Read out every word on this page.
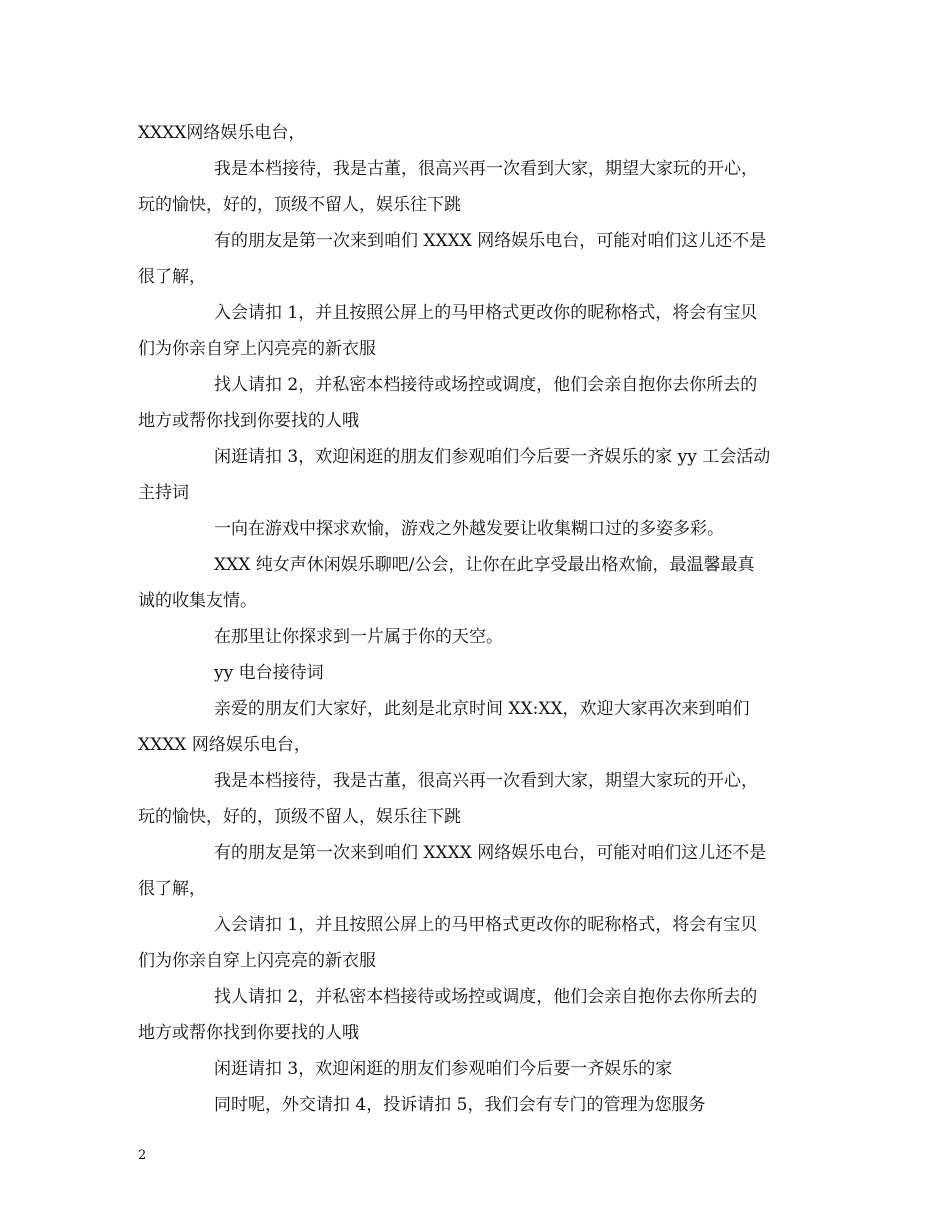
XXXX网络娱乐电台，
我是本档接待，我是古董，很高兴再一次看到大家，期望大家玩的开心，
玩的愉快，好的，顶级不留人，娱乐往下跳
有的朋友是第一次来到咱们 XXXX 网络娱乐电台，可能对咱们这儿还不是
很了解，
入会请扣 1，并且按照公屏上的马甲格式更改你的昵称格式，将会有宝贝
们为你亲自穿上闪亮亮的新衣服
找人请扣 2，并私密本档接待或场控或调度，他们会亲自抱你去你所去的
地方或帮你找到你要找的人哦
闲逛请扣 3，欢迎闲逛的朋友们参观咱们今后要一齐娱乐的家 yy 工会活动
主持词
一向在游戏中探求欢愉，游戏之外越发要让收集糊口过的多姿多彩。
XXX 纯女声休闲娱乐聊吧/公会，让你在此享受最出格欢愉，最温馨最真
诚的收集友情。
在那里让你探求到一片属于你的天空。
yy 电台接待词
亲爱的朋友们大家好，此刻是北京时间 XX:XX，欢迎大家再次来到咱们
XXXX 网络娱乐电台，
我是本档接待，我是古董，很高兴再一次看到大家，期望大家玩的开心，
玩的愉快，好的，顶级不留人，娱乐往下跳
有的朋友是第一次来到咱们 XXXX 网络娱乐电台，可能对咱们这儿还不是
很了解，
入会请扣 1，并且按照公屏上的马甲格式更改你的昵称格式，将会有宝贝
们为你亲自穿上闪亮亮的新衣服
找人请扣 2，并私密本档接待或场控或调度，他们会亲自抱你去你所去的
地方或帮你找到你要找的人哦
闲逛请扣 3，欢迎闲逛的朋友们参观咱们今后要一齐娱乐的家
同时呢，外交请扣 4，投诉请扣 5，我们会有专门的管理为您服务
2
